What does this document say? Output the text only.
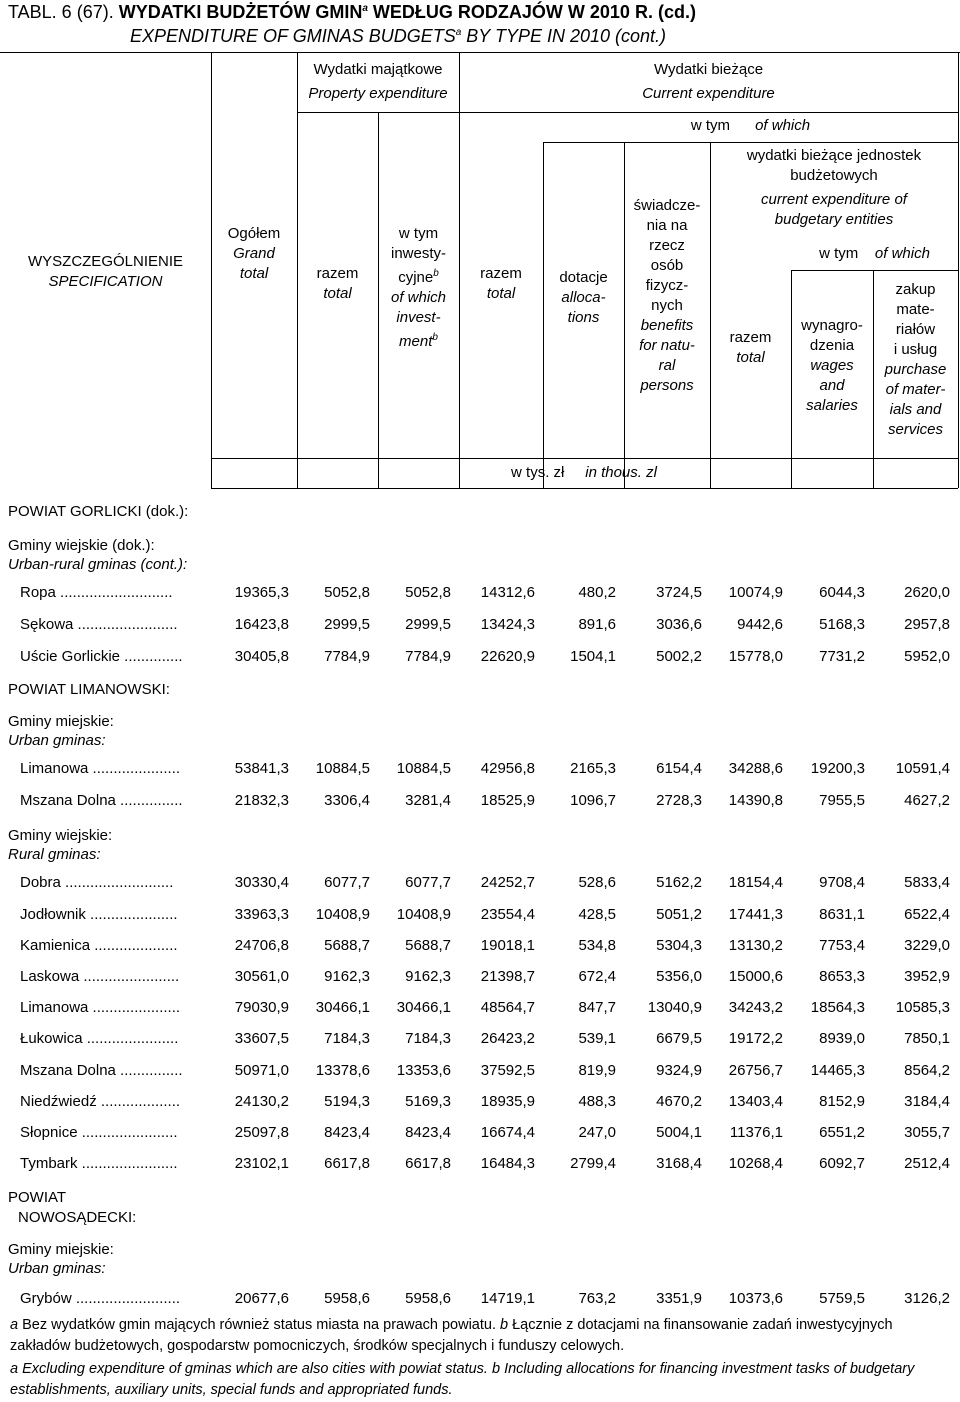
TABL. 6 (67). WYDATKI BUDŻETÓW GMIN$^a$ WEDŁUG RODZAJÓW W 2010 R. (cd.)
EXPENDITURE OF GMINAS BUDGETS$^a$ BY TYPE IN 2010 (cont.)
WYSZCZEGÓLNIENIE
SPECIFICATION
Ogółem
Grand
total
Wydatki majątkowe
Property expenditure
Wydatki bieżące
Current expenditure
w tym of which
razem
total
w tym
inwesty-
cyjne$^b$
of which
invest-
ment$^b$
razem
total
dotacje
alloca-
tions
świadcze-
nia na
rzecz
osób
fizycz-
nych
benefits
for natu-
ral
persons
wydatki bieżące jednostek
budżetowych
current expenditure of
budgetary entities
w tym of which
razem
total
wynagro-
dzenia
wages
and
salaries
zakup
mate-
riałów
i usług
purchase
of mater-
ials and
services
w tys. zł in thous. zl
POWIAT GORLICKI (dok.):
Gminy wiejskie (dok.):
Urban-rural gminas (cont.):
POWIAT LIMANOWSKI:
Gminy miejskie:
Urban gminas:
Gminy wiejskie:
Rural gminas:
POWIAT
NOWOSĄDECKI:
Gminy miejskie:
Urban gminas:
Ropa ...........................	19365,3 5052,8 5052,8 14312,6	480,2	3724,5 10074,9 6044,3	2620,0
Sękowa ........................	16423,8 2999,5 2999,5 13424,3	891,6	3036,6 9442,6 5168,3	2957,8
Uście Gorlickie ..............	30405,8 7784,9 7784,9 22620,9 1504,1	5002,2 15778,0 7731,2	5952,0
Limanowa .....................	53841,3 10884,5 10884,5 42956,8 2165,3	6154,4 34288,6 19200,3 10591,4
Mszana Dolna ...............	21832,3 3306,4 3281,4 18525,9 1096,7	2728,3 14390,8 7955,5	4627,2
Dobra ..........................	30330,4 6077,7 6077,7 24252,7	528,6	5162,2 18154,4 9708,4	5833,4
Jodłownik .....................	33963,3 10408,9 10408,9 23554,4	428,5	5051,2 17441,3 8631,1	6522,4
Kamienica ....................	24706,8 5688,7 5688,7 19018,1	534,8	5304,3 13130,2 7753,4	3229,0
Laskowa .......................	30561,0 9162,3 9162,3 21398,7	672,4	5356,0 15000,6 8653,3	3952,9
Limanowa .....................	79030,9 30466,1 30466,1 48564,7	847,7 13040,9 34243,2 18564,3 10585,3
Łukowica ......................	33607,5 7184,3 7184,3 26423,2	539,1	6679,5 19172,2 8939,0	7850,1
Mszana Dolna ...............	50971,0 13378,6 13353,6 37592,5	819,9	9324,9 26756,7 14465,3	8564,2
Niedźwiedź ...................	24130,2 5194,3 5169,3 18935,9	488,3	4670,2 13403,4 8152,9	3184,4
Słopnice .......................	25097,8 8423,4 8423,4 16674,4	247,0	5004,1 11376,1 6551,2	3055,7
Tymbark .......................	23102,1 6617,8 6617,8 16484,3 2799,4	3168,4 10268,4 6092,7	2512,4
Grybów .........................	20677,6 5958,6 5958,6 14719,1	763,2	3351,9 10373,6 5759,5	3126,2
a Bez wydatków gmin mających również status miasta na prawach powiatu. b Łącznie z dotacjami na finansowanie zadań inwestycyjnych zakładów budżetowych, gospodarstw pomocniczych, środków specjalnych i funduszy celowych.
a Excluding expenditure of gminas which are also cities with powiat status. b Including allocations for financing investment tasks of budgetary establishments, auxiliary units, special funds and appropriated funds.
